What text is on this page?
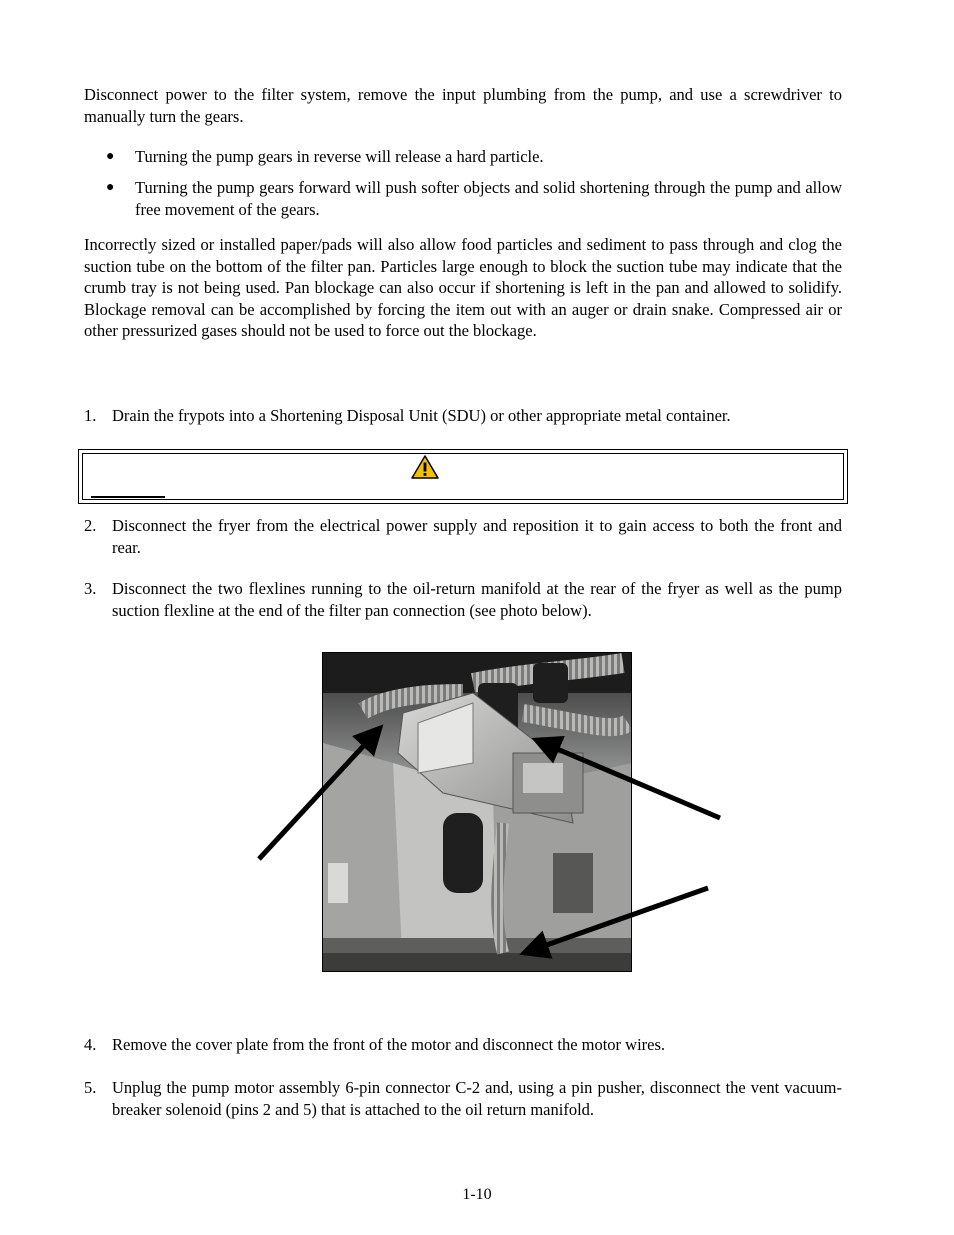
Disconnect power to the filter system, remove the input plumbing from the pump, and use a screwdriver to manually turn the gears.

● Turning the pump gears in reverse will release a hard particle.
● Turning the pump gears forward will push softer objects and solid shortening through the pump and allow free movement of the gears.

Incorrectly sized or installed paper/pads will also allow food particles and sediment to pass through and clog the suction tube on the bottom of the filter pan. Particles large enough to block the suction tube may indicate that the crumb tray is not being used. Pan blockage can also occur if shortening is left in the pan and allowed to solidify. Blockage removal can be accomplished by forcing the item out with an auger or drain snake. Compressed air or other pressurized gases should not be used to force out the blockage.

1. Drain the frypots into a Shortening Disposal Unit (SDU) or other appropriate metal container.
2. Disconnect the fryer from the electrical power supply and reposition it to gain access to both the front and rear.
3. Disconnect the two flexlines running to the oil-return manifold at the rear of the fryer as well as the pump suction flexline at the end of the filter pan connection (see photo below).
4. Remove the cover plate from the front of the motor and disconnect the motor wires.
5. Unplug the pump motor assembly 6-pin connector C-2 and, using a pin pusher, disconnect the vent vacuum-breaker solenoid (pins 2 and 5) that is attached to the oil return manifold.
1-10
